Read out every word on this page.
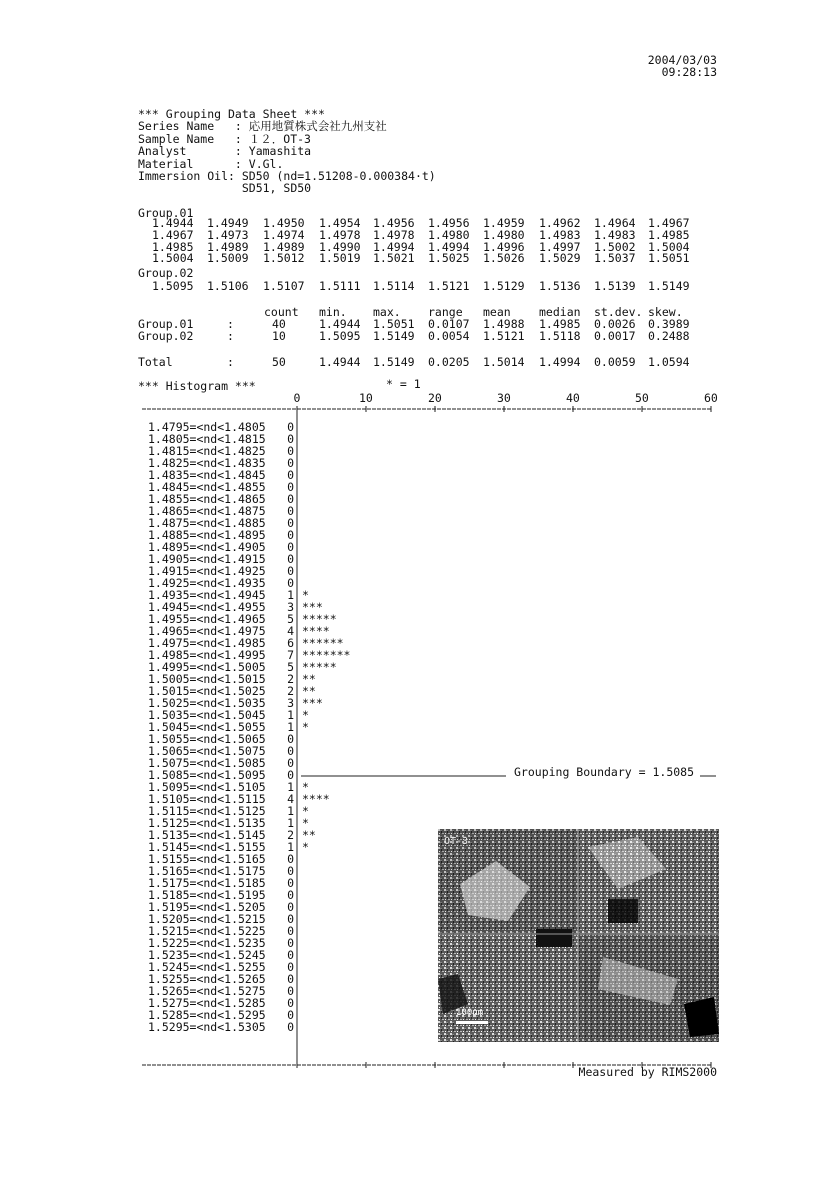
2004/03/03
09:28:13
*** Grouping Data Sheet ***
Series Name   : 応用地質株式会社九州支社
Sample Name   : １２．OT-3
Analyst       : Yamashita
Material      : V.Gl.
Immersion Oil: SD50 (nd=1.51208-0.000384·t)
SD51, SD50
Group.01
1.4944 1.4949 1.4950 1.4954 1.4956 1.4956 1.4959 1.4962 1.4964 1.4967
1.4967 1.4973 1.4974 1.4978 1.4978 1.4980 1.4980 1.4983 1.4983 1.4985
1.4985 1.4989 1.4989 1.4990 1.4994 1.4994 1.4996 1.4997 1.5002 1.5004
1.5004 1.5009 1.5012 1.5019 1.5021 1.5025 1.5026 1.5029 1.5037 1.5051
Group.02
1.5095 1.5106 1.5107 1.5111 1.5114 1.5121 1.5129 1.5136 1.5139 1.5149
count min. max. range mean median st.dev. skew.
Group.01	:	40	1.4944 1.5051 0.0107 1.4988 1.4985 0.0026 0.3989
Group.02	:	10	1.5095 1.5149 0.0054 1.5121 1.5118 0.0017 0.2488
Total	:	50	1.4944 1.5149 0.0205 1.5014 1.4994 0.0059 1.0594
*** Histogram ***	* = 1
0	10	20	30	40	50	60
1.4795=<nd<1.4805 0
1.4805=<nd<1.4815 0
1.4815=<nd<1.4825 0
1.4825=<nd<1.4835 0
1.4835=<nd<1.4845 0
1.4845=<nd<1.4855 0
1.4855=<nd<1.4865 0
1.4865=<nd<1.4875 0
1.4875=<nd<1.4885 0
1.4885=<nd<1.4895 0
1.4895=<nd<1.4905 0
1.4905=<nd<1.4915 0
1.4915=<nd<1.4925 0
1.4925=<nd<1.4935 0
1.4935=<nd<1.4945 1 *
1.4945=<nd<1.4955 3 ***
1.4955=<nd<1.4965 5 *****
1.4965=<nd<1.4975 4 ****
1.4975=<nd<1.4985 6 ******
1.4985=<nd<1.4995 7 *******
1.4995=<nd<1.5005 5 *****
1.5005=<nd<1.5015 2 **
1.5015=<nd<1.5025 2 **
1.5025=<nd<1.5035 3 ***
1.5035=<nd<1.5045 1 *
1.5045=<nd<1.5055 1 *
1.5055=<nd<1.5065 0
1.5065=<nd<1.5075 0
1.5075=<nd<1.5085 0
1.5085=<nd<1.5095 0
1.5095=<nd<1.5105 1 *
1.5105=<nd<1.5115 4 ****
1.5115=<nd<1.5125 1 *
1.5125=<nd<1.5135 1 *
1.5135=<nd<1.5145 2 **
1.5145=<nd<1.5155 1 *
1.5155=<nd<1.5165 0
1.5165=<nd<1.5175 0
1.5175=<nd<1.5185 0
1.5185=<nd<1.5195 0
1.5195=<nd<1.5205 0
1.5205=<nd<1.5215 0
1.5215=<nd<1.5225 0
1.5225=<nd<1.5235 0
1.5235=<nd<1.5245 0
1.5245=<nd<1.5255 0
1.5255=<nd<1.5265 0
1.5265=<nd<1.5275 0
1.5275=<nd<1.5285 0
1.5285=<nd<1.5295 0
1.5295=<nd<1.5305 0
Grouping Boundary = 1.5085
OT-3
100μm
Measured by RIMS2000
